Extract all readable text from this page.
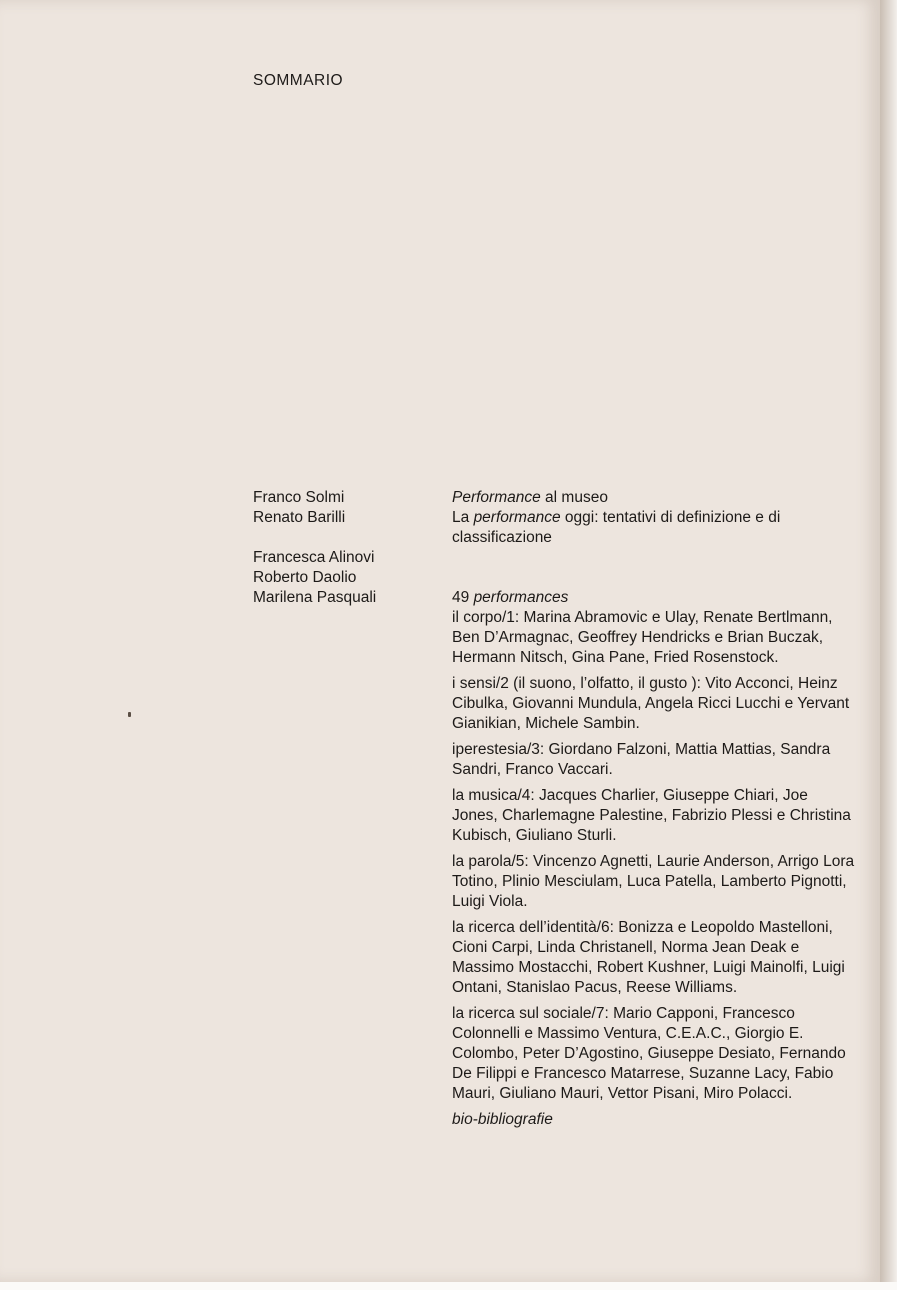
SOMMARIO
Franco Solmi
Renato Barilli
Francesca Alinovi
Roberto Daolio
Marilena Pasquali

Performance al museo

La performance oggi: tentativi di definizione e di classificazione

49 performances

il corpo/1: Marina Abramovic e Ulay, Renate Bertlmann, Ben D’Armagnac, Geoffrey Hendricks e Brian Buczak, Hermann Nitsch, Gina Pane, Fried Rosenstock.

i sensi/2 (il suono, l’olfatto, il gusto ): Vito Acconci, Heinz Cibulka, Giovanni Mundula, Angela Ricci Lucchi e Yervant Gianikian, Michele Sambin.

iperestesia/3: Giordano Falzoni, Mattia Mattias, Sandra Sandri, Franco Vaccari.

la musica/4: Jacques Charlier, Giuseppe Chiari, Joe Jones, Charlemagne Palestine, Fabrizio Plessi e Christina Kubisch, Giuliano Sturli.

la parola/5: Vincenzo Agnetti, Laurie Anderson, Arrigo Lora Totino, Plinio Mesciulam, Luca Patella, Lamberto Pignotti, Luigi Viola.

la ricerca dell’identità/6: Bonizza e Leopoldo Mastelloni, Cioni Carpi, Linda Christanell, Norma Jean Deak e Massimo Mostacchi, Robert Kushner, Luigi Mainolfi, Luigi Ontani, Stanislao Pacus, Reese Williams.

la ricerca sul sociale/7: Mario Capponi, Francesco Colonnelli e Massimo Ventura, C.E.A.C., Giorgio E. Colombo, Peter D’Agostino, Giuseppe Desiato, Fernando De Filippi e Francesco Matarrese, Suzanne Lacy, Fabio Mauri, Giuliano Mauri, Vettor Pisani, Miro Polacci.

bio-bibliografie
